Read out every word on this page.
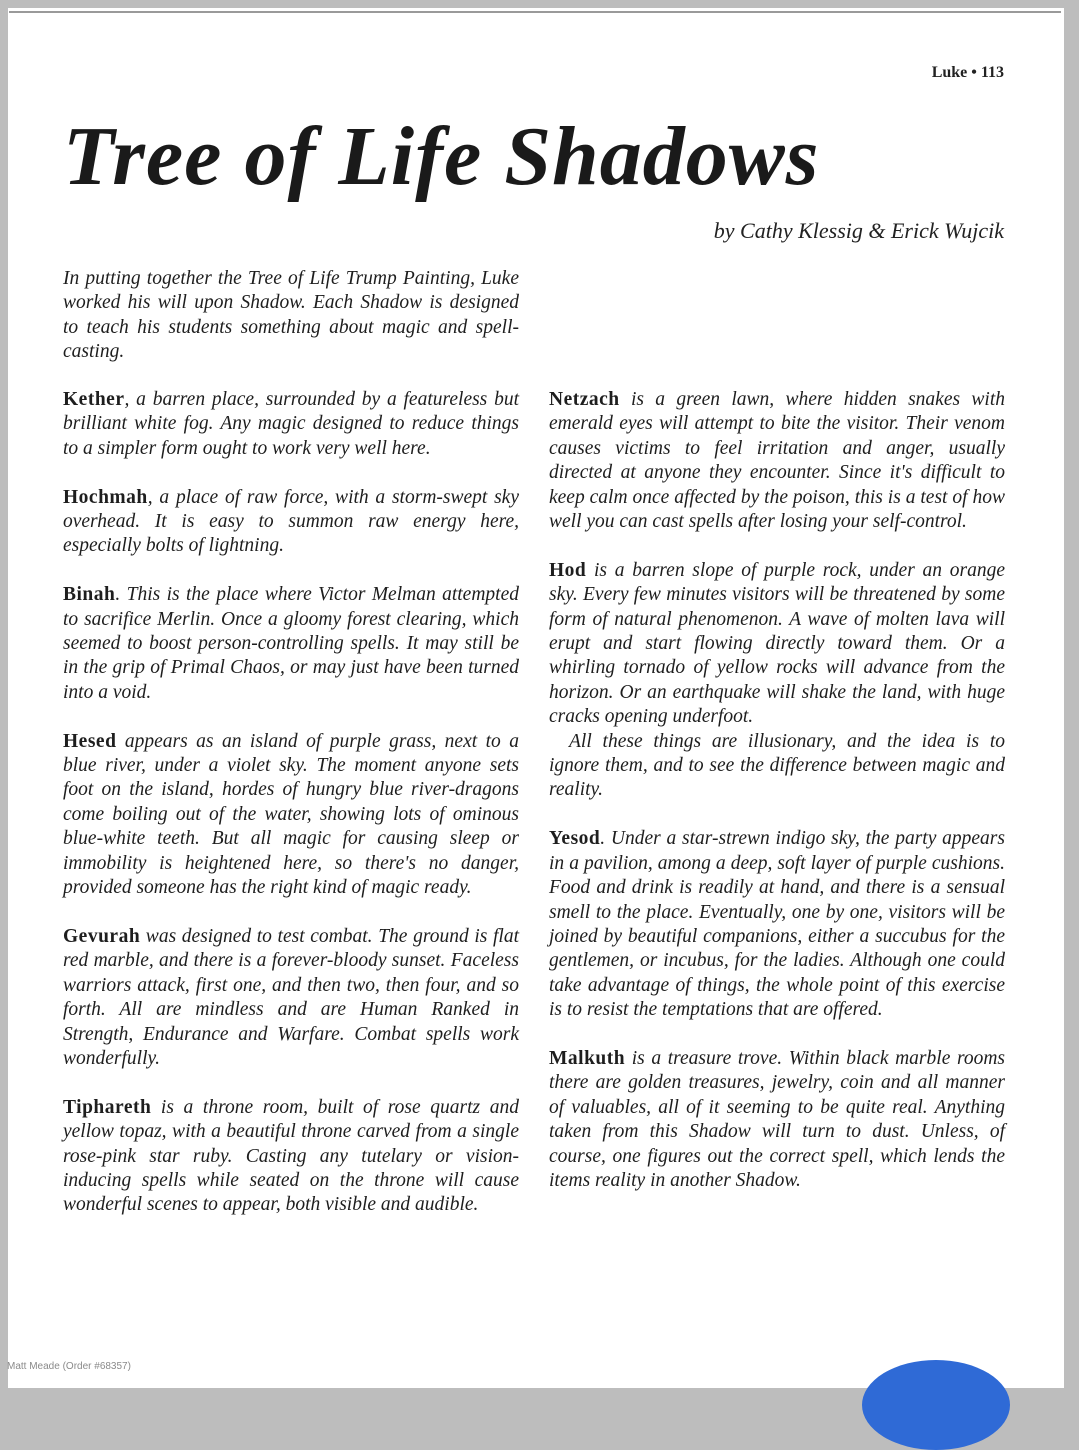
Luke • 113
Tree of Life Shadows
by Cathy Klessig & Erick Wujcik

In putting together the Tree of Life Trump Painting, Luke worked his will upon Shadow. Each Shadow is designed to teach his students something about magic and spell-casting.

Kether, a barren place, surrounded by a featureless but brilliant white fog. Any magic designed to reduce things to a simpler form ought to work very well here.

Hochmah, a place of raw force, with a storm-swept sky overhead. It is easy to summon raw energy here, especially bolts of lightning.

Binah. This is the place where Victor Melman attempted to sacrifice Merlin. Once a gloomy forest clearing, which seemed to boost person-controlling spells. It may still be in the grip of Primal Chaos, or may just have been turned into a void.

Hesed appears as an island of purple grass, next to a blue river, under a violet sky. The moment anyone sets foot on the island, hordes of hungry blue river-dragons come boiling out of the water, showing lots of ominous blue-white teeth. But all magic for causing sleep or immobility is heightened here, so there's no danger, provided someone has the right kind of magic ready.

Gevurah was designed to test combat. The ground is flat red marble, and there is a forever-bloody sunset. Faceless warriors attack, first one, and then two, then four, and so forth. All are mindless and are Human Ranked in Strength, Endurance and Warfare. Combat spells work wonderfully.

Tiphareth is a throne room, built of rose quartz and yellow topaz, with a beautiful throne carved from a single rose-pink star ruby. Casting any tutelary or vision-inducing spells while seated on the throne will cause wonderful scenes to appear, both visible and audible.

Netzach is a green lawn, where hidden snakes with emerald eyes will attempt to bite the visitor. Their venom causes victims to feel irritation and anger, usually directed at anyone they encounter. Since it's difficult to keep calm once affected by the poison, this is a test of how well you can cast spells after losing your self-control.

Hod is a barren slope of purple rock, under an orange sky. Every few minutes visitors will be threatened by some form of natural phenomenon. A wave of molten lava will erupt and start flowing directly toward them. Or a whirling tornado of yellow rocks will advance from the horizon. Or an earthquake will shake the land, with huge cracks opening underfoot.

All these things are illusionary, and the idea is to ignore them, and to see the difference between magic and reality.

Yesod. Under a star-strewn indigo sky, the party appears in a pavilion, among a deep, soft layer of purple cushions. Food and drink is readily at hand, and there is a sensual smell to the place. Eventually, one by one, visitors will be joined by beautiful companions, either a succubus for the gentlemen, or incubus, for the ladies. Although one could take advantage of things, the whole point of this exercise is to resist the temptations that are offered.

Malkuth is a treasure trove. Within black marble rooms there are golden treasures, jewelry, coin and all manner of valuables, all of it seeming to be quite real. Anything taken from this Shadow will turn to dust. Unless, of course, one figures out the correct spell, which lends the items reality in another Shadow.

Matt Meade (Order #68357)
